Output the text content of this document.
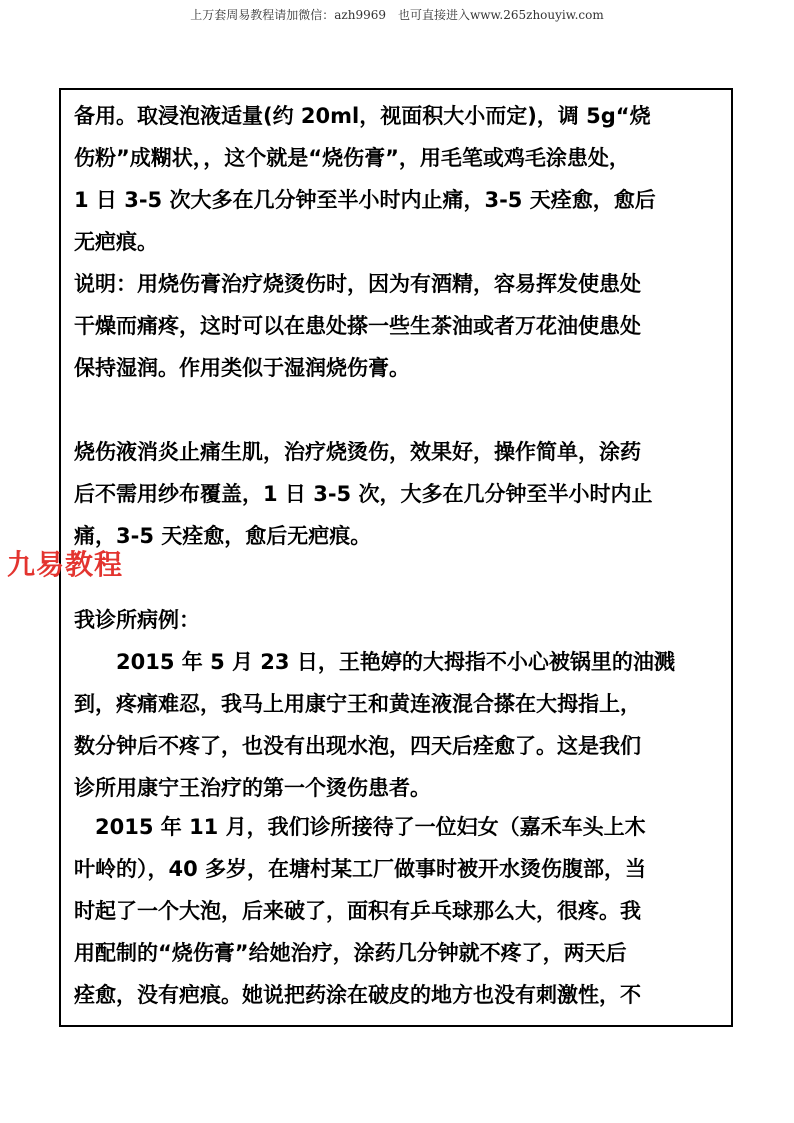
上万套周易教程请加微信：azh9969　也可直接进入www.265zhouyiw.com
备用。取浸泡液适量(约 20ml，视面积大小而定)，调 5g“烧
伤粉”成糊状，，这个就是“烧伤膏”，用毛笔或鸡毛涂患处，
1 日 3-5 次大多在几分钟至半小时内止痛，3-5 天痊愈，愈后
无疤痕。
说明：用烧伤膏治疗烧烫伤时，因为有酒精，容易挥发使患处
干燥而痛疼，这时可以在患处搽一些生茶油或者万花油使患处
保持湿润。作用类似于湿润烧伤膏。
烧伤液消炎止痛生肌，治疗烧烫伤，效果好，操作简单，涂药
后不需用纱布覆盖，1 日 3-5 次，大多在几分钟至半小时内止
痛，3-5 天痊愈，愈后无疤痕。
九易教程
我诊所病例：
　　2015 年 5 月 23 日，王艳婷的大拇指不小心被锅里的油溅
到，疼痛难忍，我马上用康宁王和黄连液混合搽在大拇指上，
数分钟后不疼了，也没有出现水泡，四天后痊愈了。这是我们
诊所用康宁王治疗的第一个烫伤患者。
　2015 年 11 月，我们诊所接待了一位妇女（嘉禾车头上木
叶岭的），40 多岁，在塘村某工厂做事时被开水烫伤腹部，当
时起了一个大泡，后来破了，面积有乒乓球那么大，很疼。我
用配制的“烧伤膏”给她治疗，涂药几分钟就不疼了，两天后
痊愈，没有疤痕。她说把药涂在破皮的地方也没有刺激性，不
